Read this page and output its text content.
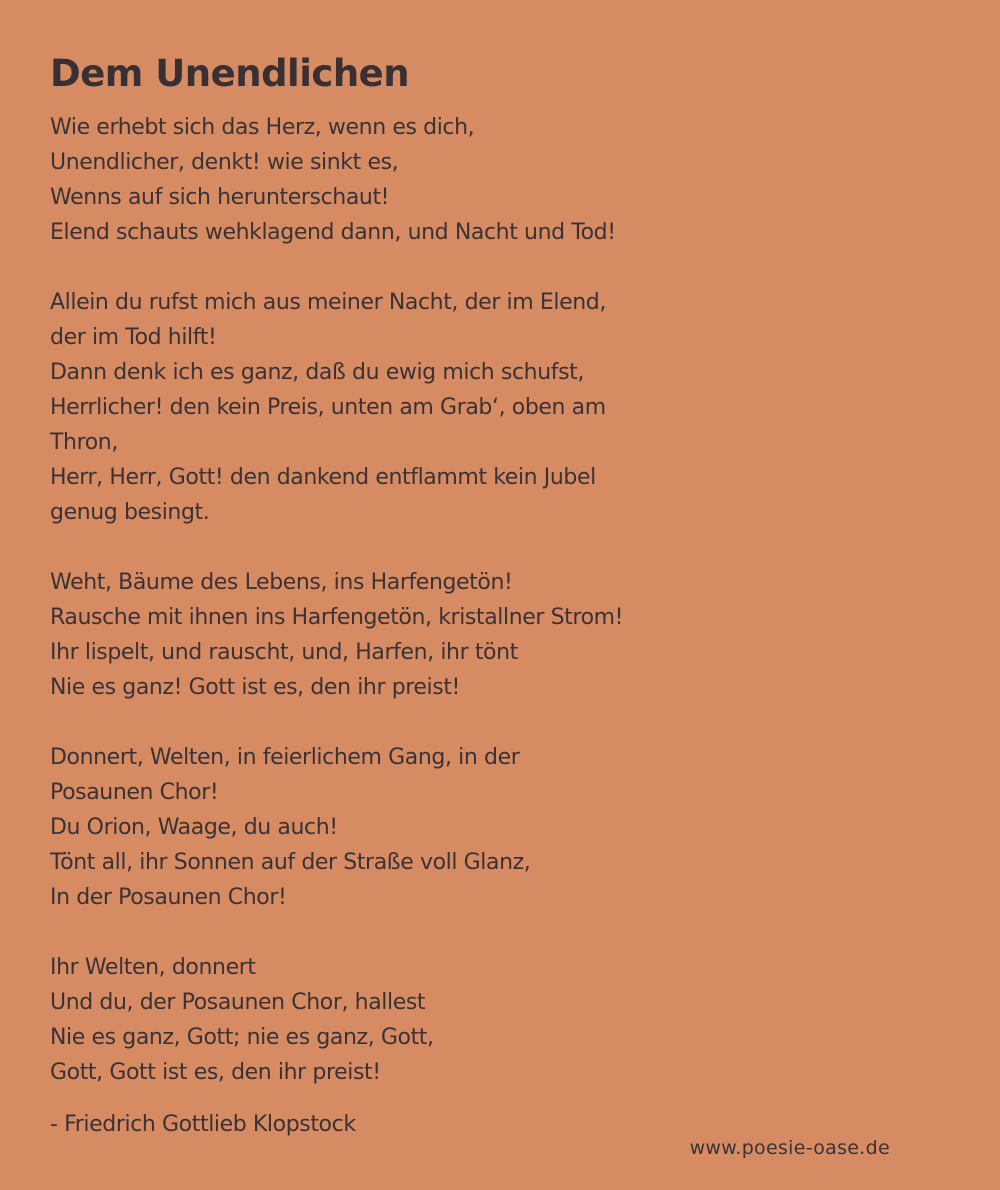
Dem Unendlichen
Wie erhebt sich das Herz, wenn es dich,
Unendlicher, denkt! wie sinkt es,
Wenns auf sich herunterschaut!
Elend schauts wehklagend dann, und Nacht und Tod!
Allein du rufst mich aus meiner Nacht, der im Elend,
der im Tod hilft!
Dann denk ich es ganz, daß du ewig mich schufst,
Herrlicher! den kein Preis, unten am Grab‘, oben am
Thron,
Herr, Herr, Gott! den dankend entflammt kein Jubel
genug besingt.
Weht, Bäume des Lebens, ins Harfengetön!
Rausche mit ihnen ins Harfengetön, kristallner Strom!
Ihr lispelt, und rauscht, und, Harfen, ihr tönt
Nie es ganz! Gott ist es, den ihr preist!
Donnert, Welten, in feierlichem Gang, in der
Posaunen Chor!
Du Orion, Waage, du auch!
Tönt all, ihr Sonnen auf der Straße voll Glanz,
In der Posaunen Chor!
Ihr Welten, donnert
Und du, der Posaunen Chor, hallest
Nie es ganz, Gott; nie es ganz, Gott,
Gott, Gott ist es, den ihr preist!
- Friedrich Gottlieb Klopstock
www.poesie-oase.de
